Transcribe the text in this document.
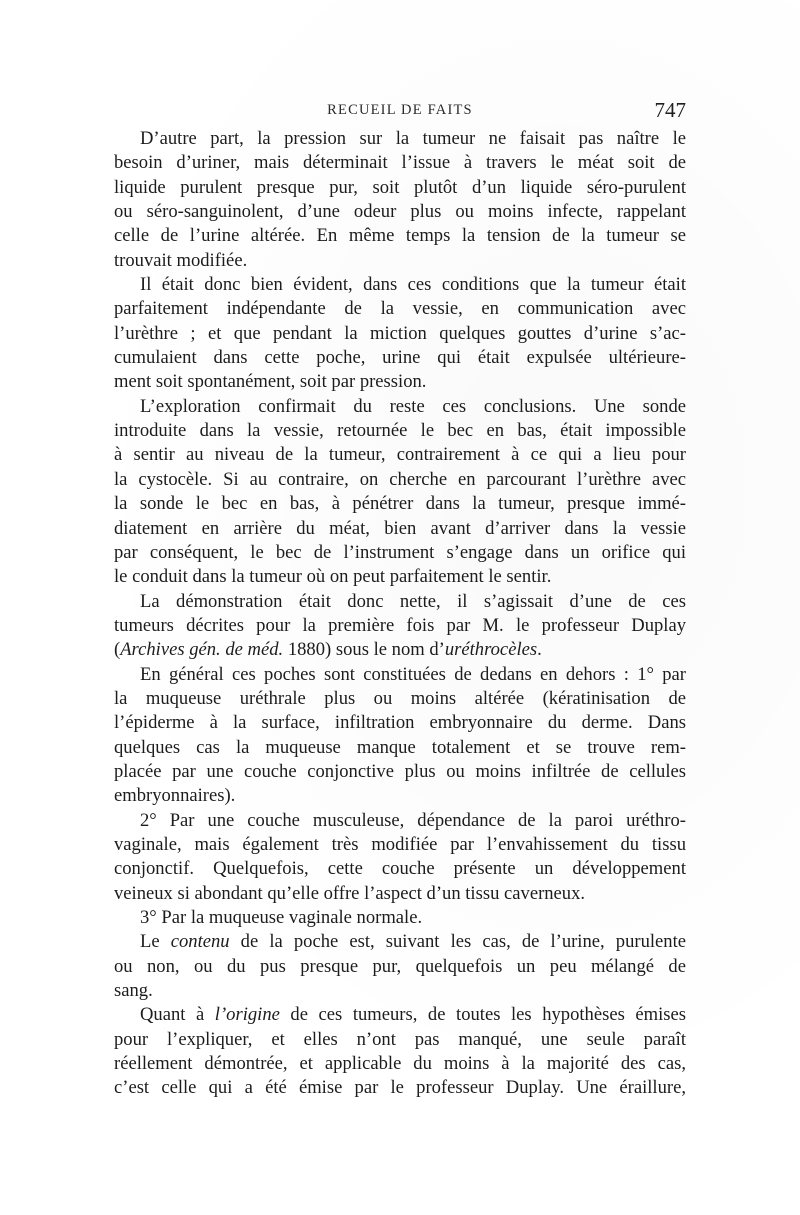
RECUEIL DE FAITS	747
D’autre part, la pression sur la tumeur ne faisait pas naître le
besoin d’uriner, mais déterminait l’issue à travers le méat soit de
liquide purulent presque pur, soit plutôt d’un liquide séro-purulent
ou séro-sanguinolent, d’une odeur plus ou moins infecte, rappelant
celle de l’urine altérée. En même temps la tension de la tumeur se
trouvait modifiée.
Il était donc bien évident, dans ces conditions que la tumeur était
parfaitement indépendante de la vessie, en communication avec
l’urèthre ; et que pendant la miction quelques gouttes d’urine s’ac-
cumulaient dans cette poche, urine qui était expulsée ultérieure-
ment soit spontanément, soit par pression.
L’exploration confirmait du reste ces conclusions. Une sonde
introduite dans la vessie, retournée le bec en bas, était impossible
à sentir au niveau de la tumeur, contrairement à ce qui a lieu pour
la cystocèle. Si au contraire, on cherche en parcourant l’urèthre avec
la sonde le bec en bas, à pénétrer dans la tumeur, presque immé-
diatement en arrière du méat, bien avant d’arriver dans la vessie
par conséquent, le bec de l’instrument s’engage dans un orifice qui
le conduit dans la tumeur où on peut parfaitement le sentir.
La démonstration était donc nette, il s’agissait d’une de ces
tumeurs décrites pour la première fois par M. le professeur Duplay
(Archives gén. de méd. 1880) sous le nom d’uréthrocèles.
En général ces poches sont constituées de dedans en dehors : 1° par
la muqueuse uréthrale plus ou moins altérée (kératinisation de
l’épiderme à la surface, infiltration embryonnaire du derme. Dans
quelques cas la muqueuse manque totalement et se trouve rem-
placée par une couche conjonctive plus ou moins infiltrée de cellules
embryonnaires).
2° Par une couche musculeuse, dépendance de la paroi uréthro-
vaginale, mais également très modifiée par l’envahissement du tissu
conjonctif. Quelquefois, cette couche présente un développement
veineux si abondant qu’elle offre l’aspect d’un tissu caverneux.
3° Par la muqueuse vaginale normale.
Le contenu de la poche est, suivant les cas, de l’urine, purulente
ou non, ou du pus presque pur, quelquefois un peu mélangé de
sang.
Quant à l’origine de ces tumeurs, de toutes les hypothèses émises
pour l’expliquer, et elles n’ont pas manqué, une seule paraît
réellement démontrée, et applicable du moins à la majorité des cas,
c’est celle qui a été émise par le professeur Duplay. Une éraillure,
